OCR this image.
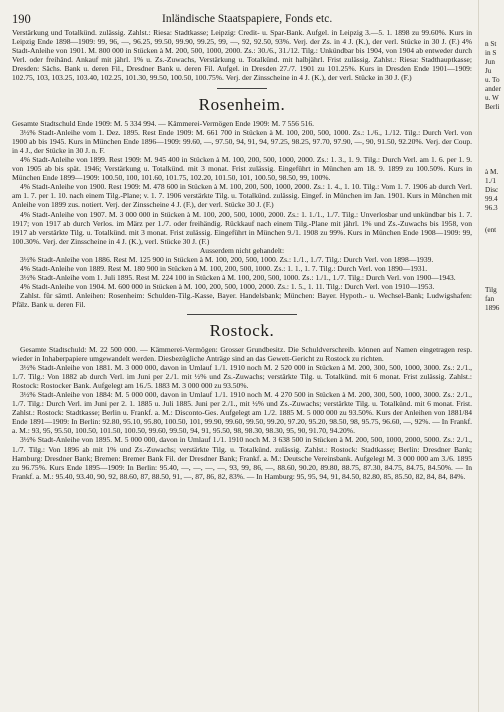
190	Inländische Staatspapiere, Fonds etc.

Verstärkung und Totalkünd. zulässig. Zahlst.: Riesa: Stadtkasse; Leipzig: Credit- u. Spar-Bank. Aufgel. in Leipzig 3.—5. 1. 1898 zu 99.60%. Kurs in Leipzig Ende 1898—1909: 99, 96, —, 96.25, 99.50, 99.90, 99.25, 99, —, 92, 92.50, 93%. Verj. der Zs. in 4 J. (K.), der verl. Stücke in 30 J. (F.) 4% Stadt-Anleihe von 1901. M. 800 000 in Stücken à M. 200, 500, 1000, 2000. Zs.: 30./6., 31./12. Tilg.: Unkündbar bis 1904, von 1904 ab entweder durch Verl. oder freihänd. Ankauf mit jährl. 1% u. Zs.-Zuwachs, Verstärkung u. Totalkünd. mit halbjährl. Frist zulässig. Zahlst.: Riesa: Stadthauptkasse; Dresden: Sächs. Bank u. deren Fil., Dresdner Bank u. deren Fil. Aufgel. in Dresden 27./7. 1901 zu 101.25%. Kurs in Dresden Ende 1901—1909: 102.75, 103, 103.25, 103.40, 102.25, 101.30, 99.50, 100.50, 100.75%. Verj. der Zinsscheine in 4 J. (K.), der verl. Stücke in 30 J. (F.)

Rosenheim.

Gesamte Stadtschuld Ende 1909: M. 5 334 994. — Kämmerei-Vermögen Ende 1909: M. 7 556 516.

3½% Stadt-Anleihe vom 1. Dez. 1895. Rest Ende 1909: M. 661 700 in Stücken à M. 100, 200, 500, 1000. Zs.: 1./6., 1./12. Tilg.: Durch Verl. von 1900 ab bis 1945. Kurs in München Ende 1896—1909: 99.60, —, 97.50, 94, 91, 94, 97.25, 98.25, 97.70, 97.90, —, 90, 91.50, 92.20%. Verj. der Coup. in 4 J., der Stücke in 30 J. n. F.

4% Stadt-Anleihe von 1899. Rest 1909: M. 945 400 in Stücken à M. 100, 200, 500, 1000, 2000. Zs.: 1. 3., 1. 9. Tilg.: Durch Verl. am 1. 6. per 1. 9. von 1905 ab bis spät. 1946; Verstärkung u. Totalkünd. mit 3 monat. Frist zulässig. Eingeführt in München am 18. 9. 1899 zu 100.50%. Kurs in München Ende 1899—1909: 100.50, 100, 101.60, 101.75, 102.20, 101.50, 101, 100.50, 98.50, 99, 100%.

4% Stadt-Anleihe von 1900. Rest 1909: M. 478 600 in Stücken à M. 100, 200, 500, 1000, 2000. Zs.: 1. 4., 1. 10. Tilg.: Vom 1. 7. 1906 ab durch Verl. am 1. 7. per 1. 10. nach einem Tilg.-Plane; v. 1. 7. 1906 verstärkte Tilg. u. Totalkünd. zulässig. Eingef. in München im Jan. 1901. Kurs in München mit Anleihe von 1899 zus. notiert. Verj. der Zinsscheine 4 J. (F.), der verl. Stücke 30 J. (F.)

4% Stadt-Anleihe von 1907. M. 3 000 000 in Stücken à M. 100, 200, 500, 1000, 2000. Zs.: 1. 1./1., 1./7. Tilg.: Unverlosbar und unkündbar bis 1. 7. 1917; von 1917 ab durch Verlos. im März per 1./7. oder freihändig. Rückkauf nach einem Tilg.-Plane mit jährl. 1% und Zs.-Zuwachs bis 1958, von 1917 ab verstärkte Tilg. u. Totalkünd. mit 3 monat. Frist zulässig. Eingeführt in München 9./1. 1908 zu 99%. Kurs in München Ende 1908—1909: 99, 100.30%. Verj. der Zinsscheine in 4 J. (K.), verl. Stücke 30 J. (F.)

Ausserdem nicht gehandelt:

3½% Stadt-Anleihe von 1886. Rest M. 125 900 in Stücken à M. 100, 200, 500, 1000. Zs.: 1./1., 1./7. Tilg.: Durch Verl. von 1898—1939.

4% Stadt-Anleihe von 1889. Rest M. 180 900 in Stücken à M. 100, 200, 500, 1000. Zs.: 1. 1., 1. 7. Tilg.: Durch Verl. von 1890—1931.

3½% Stadt-Anleihe vom 1. Juli 1895. Rest M. 224 100 in Stücken à M. 100, 200, 500, 1000. Zs.: 1./1., 1./7. Tilg.: Durch Verl. von 1900—1943.

4% Stadt-Anleihe von 1904. M. 600 000 in Stücken à M. 100, 200, 500, 1000, 2000. Zs.: 1. 5., 1. 11. Tilg.: Durch Verl. von 1910—1953.

Zahlst. für sämtl. Anleihen: Rosenheim: Schulden-Tilg.-Kasse, Bayer. Handelsbank; München: Bayer. Hypoth.- u. Wechsel-Bank; Ludwigshafen: Pfälz. Bank u. deren Fil.

Rostock.

Gesamte Stadtschuld: M. 22 500 000. — Kämmerei-Vermögen: Grosser Grundbesitz. Die Schuldverschreib. können auf Namen eingetragen resp. wieder in Inhaberpapiere umgewandelt werden. Diesbezügliche Anträge sind an das Gewett-Gericht zu Rostock zu richten.

3½% Stadt-Anleihe von 1881. M. 3 000 000, davon in Umlauf 1./1. 1910 noch M. 2 520 000 in Stücken à M. 200, 300, 500, 1000, 3000. Zs.: 2./1., 1./7. Tilg.: Von 1882 ab durch Verl. im Juni per 2./1. mit ½% und Zs.-Zuwachs; verstärkte Tilg. u. Totalkünd. mit 6 monat. Frist zulässig. Zahlst.: Rostock: Rostocker Bank. Aufgelegt am 16./5. 1883 M. 3 000 000 zu 93.50%.

3½% Stadt-Anleihe von 1884: M. 5 000 000, davon in Umlauf 1./1. 1910 noch M. 4 270 500 in Stücken à M. 200, 300, 500, 1000, 3000. Zs.: 2./1., 1./7. Tilg.: Durch Verl. im Juni per 2. 1. 1885 u. Juli 1885. Juni per 2./1., mit ½% und Zs.-Zuwachs; verstärkte Tilg. u. Totalkünd. mit 6 monat. Frist. Zahlst.: Rostock: Stadtkasse; Berlin u. Frankf. a. M.: Disconto-Ges. Aufgelegt am 1./2. 1885 M. 5 000 000 zu 93.50%. Kurs der Anleihen von 1881/84 Ende 1891—1909: In Berlin: 92.80, 95.10, 95.80, 100.50, 101, 99.90, 99.60, 99.50, 99.20, 97.20, 95.20, 98.50, 98, 95.75, 96.60, —, 92%. — In Frankf. a. M.: 93, 95, 95.50, 100.50, 101.50, 100.50, 99.60, 99.50, 94, 91, 95.50, 98, 98.30, 98.30, 95, 90, 91.70, 94.20%.

3½% Stadt-Anleihe von 1895. M. 5 000 000, davon in Umlauf 1./1. 1910 noch M. 3 638 500 in Stücken à M. 200, 500, 1000, 2000, 5000. Zs.: 2./1., 1./7. Tilg.: Von 1896 ab mit 1% und Zs.-Zuwachs; verstärkte Tilg. u. Totalkünd. zulässig. Zahlst.: Rostock: Stadtkasse; Berlin: Dresdner Bank; Hamburg: Dresdner Bank; Bremen: Bremer Bank Fil. der Dresdner Bank; Frankf. a. M.: Deutsche Vereinsbank. Aufgelegt M. 3 000 000 am 3./6. 1895 zu 96.75%. Kurs Ende 1895—1909: In Berlin: 95.40, —, —, —, —, 93, 99, 86, —, 88.60, 90.20, 89.80, 88.75, 87.30, 84.75, 84.75, 84.50%. — In Frankf. a. M.: 95.40, 93.40, 90, 92, 88.60, 87, 88.50, 91, —, 87, 86, 82, 83%. — In Hamburg: 95, 95, 94, 91, 84.50, 82.80, 85, 85.50, 82, 84, 84, 84%.

n St
in S
Jun
Ju
u. To
ander
u. W
Berli
à M.
1./1
Disc
99.4
96.3
(ent
Tilg
fan
1896
